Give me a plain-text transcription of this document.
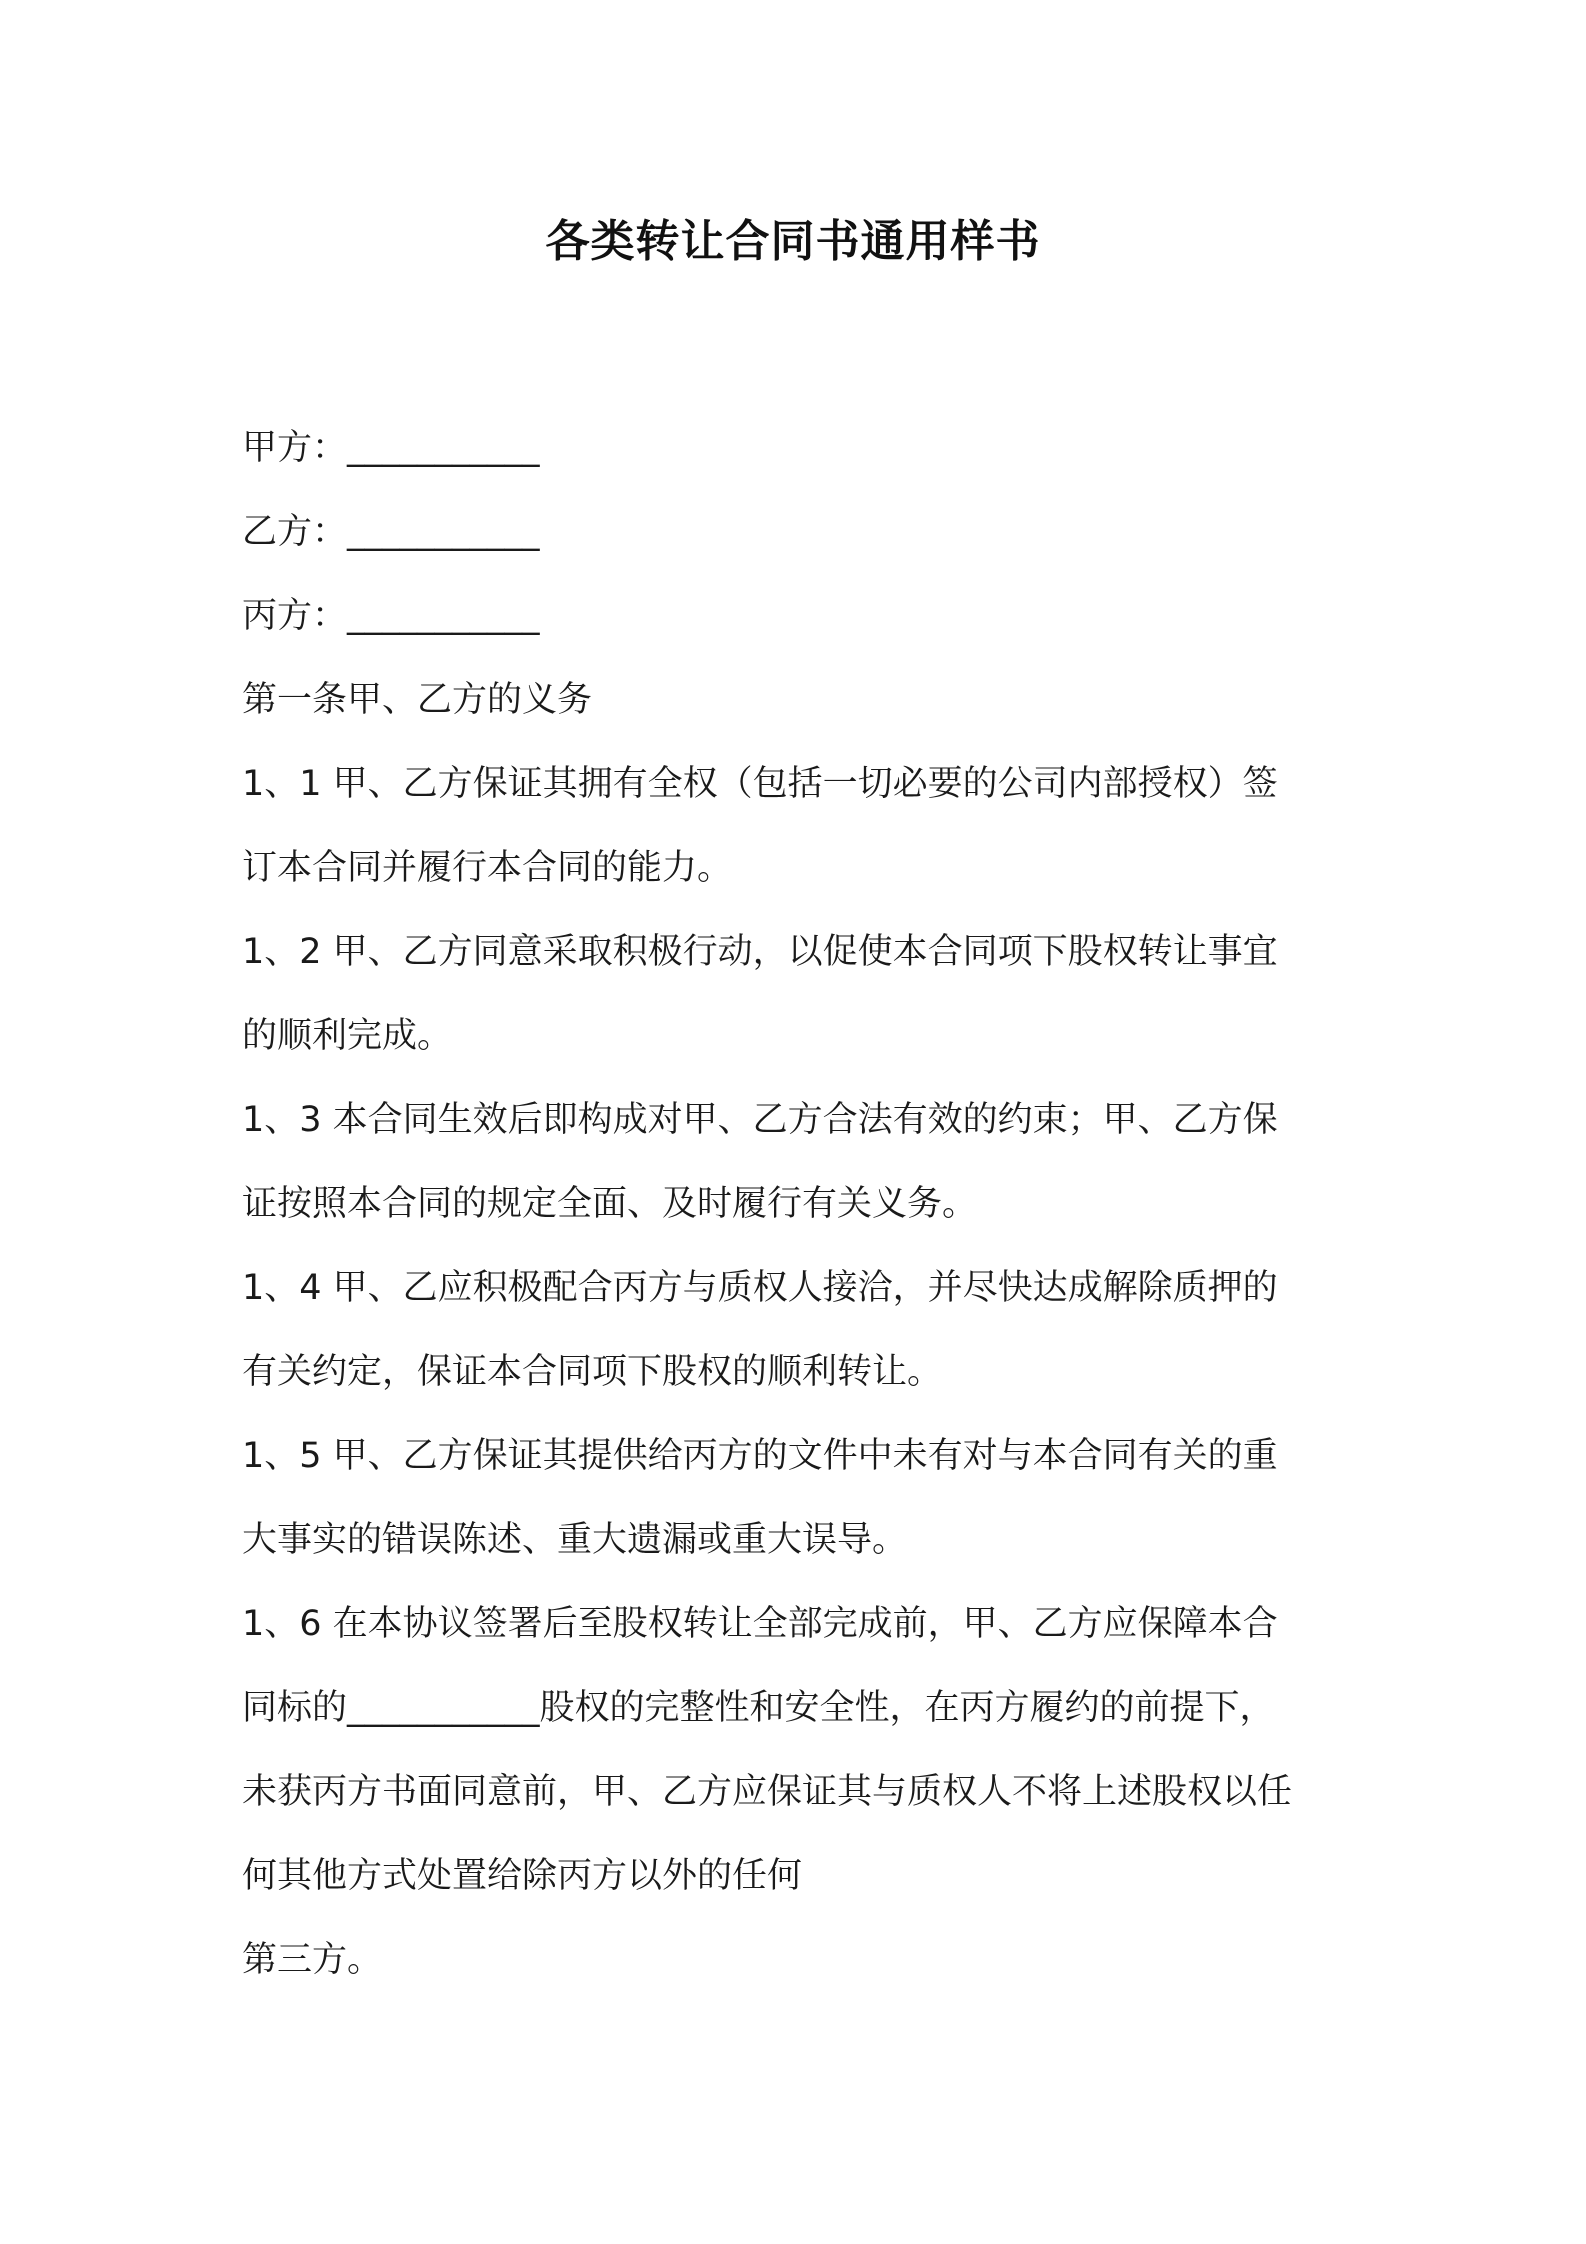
各类转让合同书通用样书
甲方：___________
乙方：___________
丙方：___________
第一条甲、乙方的义务
1、1 甲、乙方保证其拥有全权（包括一切必要的公司内部授权）签
订本合同并履行本合同的能力。
1、2 甲、乙方同意采取积极行动，以促使本合同项下股权转让事宜
的顺利完成。
1、3 本合同生效后即构成对甲、乙方合法有效的约束；甲、乙方保
证按照本合同的规定全面、及时履行有关义务。
1、4 甲、乙应积极配合丙方与质权人接洽，并尽快达成解除质押的
有关约定，保证本合同项下股权的顺利转让。
1、5 甲、乙方保证其提供给丙方的文件中未有对与本合同有关的重
大事实的错误陈述、重大遗漏或重大误导。
1、6 在本协议签署后至股权转让全部完成前，甲、乙方应保障本合
同标的___________股权的完整性和安全性，在丙方履约的前提下，
未获丙方书面同意前，甲、乙方应保证其与质权人不将上述股权以任
何其他方式处置给除丙方以外的任何
第三方。
